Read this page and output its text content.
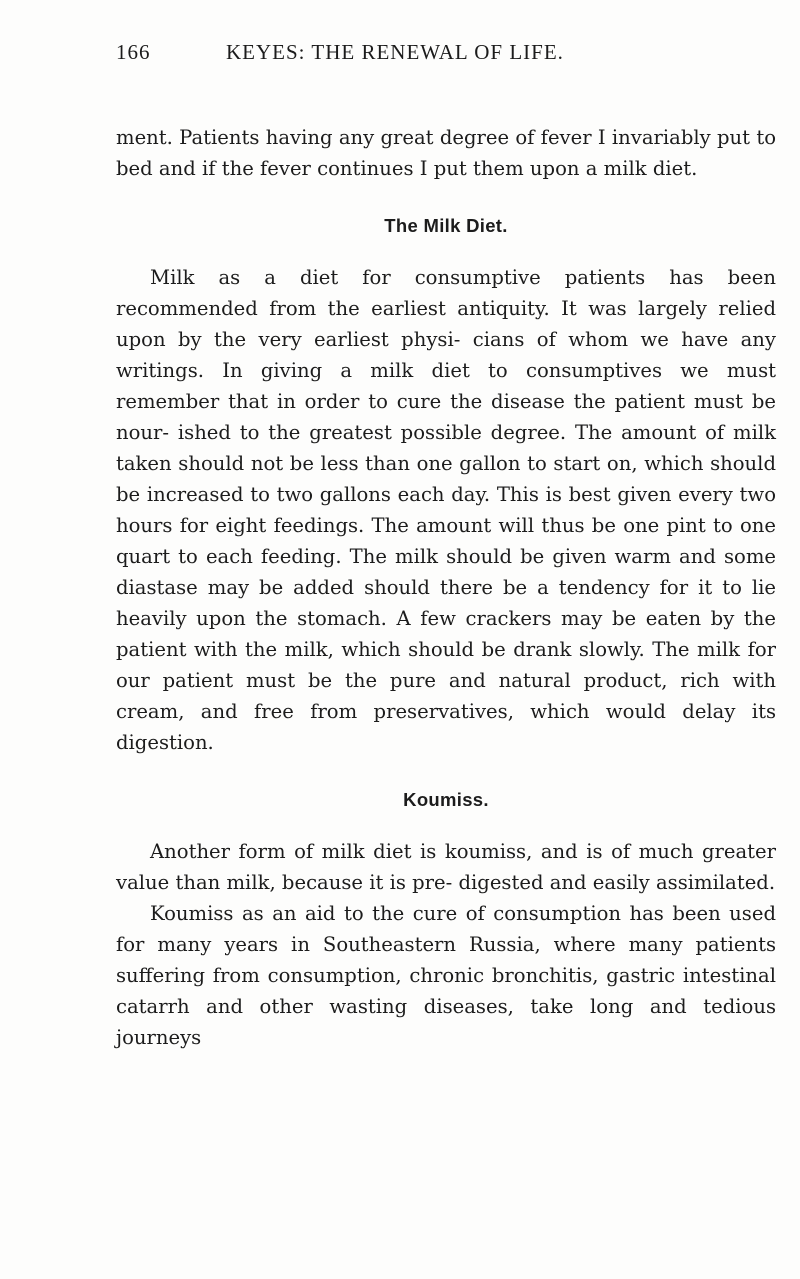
166	KEYES: THE RENEWAL OF LIFE.

ment. Patients having any great degree of fever I invariably put to bed and if the fever continues I put them upon a milk diet.

The Milk Diet.

Milk as a diet for consumptive patients has been recommended from the earliest antiquity. It was largely relied upon by the very earliest physi- cians of whom we have any writings. In giving a milk diet to consumptives we must remember that in order to cure the disease the patient must be nour- ished to the greatest possible degree. The amount of milk taken should not be less than one gallon to start on, which should be increased to two gallons each day. This is best given every two hours for eight feedings. The amount will thus be one pint to one quart to each feeding. The milk should be given warm and some diastase may be added should there be a tendency for it to lie heavily upon the stomach. A few crackers may be eaten by the patient with the milk, which should be drank slowly. The milk for our patient must be the pure and natural product, rich with cream, and free from preservatives, which would delay its digestion.

Koumiss.

Another form of milk diet is koumiss, and is of much greater value than milk, because it is pre- digested and easily assimilated.

Koumiss as an aid to the cure of consumption has been used for many years in Southeastern Russia, where many patients suffering from consumption, chronic bronchitis, gastric intestinal catarrh and other wasting diseases, take long and tedious journeys
